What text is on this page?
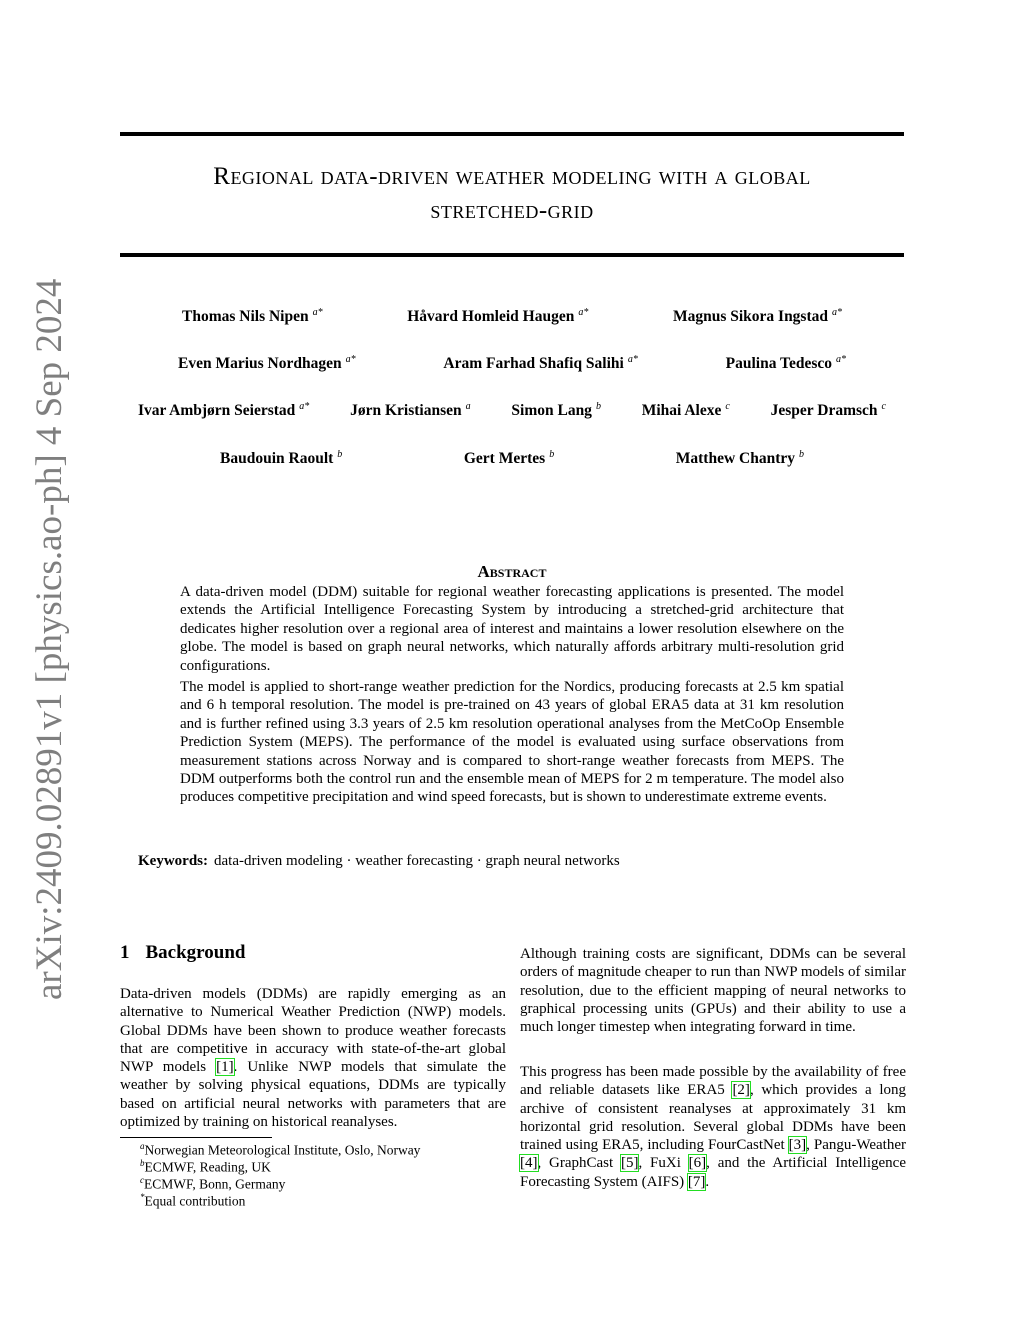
arXiv:2409.02891v1 [physics.ao-ph] 4 Sep 2024
Regional data-driven weather modeling with a global
stretched-grid
Thomas Nils Nipen $^{a*}$	Håvard Homleid Haugen $^{a*}$	Magnus Sikora Ingstad $^{a*}$
Even Marius Nordhagen $^{a*}$	Aram Farhad Shafiq Salihi $^{a*}$	Paulina Tedesco $^{a*}$
Ivar Ambjørn Seierstad $^{a*}$	Jørn Kristiansen $^a$	Simon Lang $^b$	Mihai Alexe $^c$	Jesper Dramsch $^c$
Baudouin Raoult $^b$	Gert Mertes $^b$	Matthew Chantry $^b$
Abstract
A data-driven model (DDM) suitable for regional weather forecasting applications is presented. The model extends the Artificial Intelligence Forecasting System by introducing a stretched-grid architecture that dedicates higher resolution over a regional area of interest and maintains a lower resolution elsewhere on the globe. The model is based on graph neural networks, which naturally affords arbitrary multi-resolution grid configurations.
The model is applied to short-range weather prediction for the Nordics, producing forecasts at 2.5 km spatial and 6 h temporal resolution. The model is pre-trained on 43 years of global ERA5 data at 31 km resolution and is further refined using 3.3 years of 2.5 km resolution operational analyses from the MetCoOp Ensemble Prediction System (MEPS). The performance of the model is evaluated using surface observations from measurement stations across Norway and is compared to short-range weather forecasts from MEPS. The DDM outperforms both the control run and the ensemble mean of MEPS for 2 m temperature. The model also produces competitive precipitation and wind speed forecasts, but is shown to underestimate extreme events.
Keywords: data-driven modeling · weather forecasting · graph neural networks
1 Background
Data-driven models (DDMs) are rapidly emerging as an alternative to Numerical Weather Prediction (NWP) models. Global DDMs have been shown to produce weather forecasts that are competitive in accuracy with state-of-the-art global NWP models [1]. Unlike NWP models that simulate the weather by solving physical equations, DDMs are typically based on artificial neural networks with parameters that are optimized by training on historical reanalyses.
Although training costs are significant, DDMs can be several orders of magnitude cheaper to run than NWP models of similar resolution, due to the efficient mapping of neural networks to graphical processing units (GPUs) and their ability to use a much longer timestep when integrating forward in time.
This progress has been made possible by the availability of free and reliable datasets like ERA5 [2], which provides a long archive of consistent reanalyses at approximately 31 km horizontal grid resolution. Several global DDMs have been trained using ERA5, including FourCastNet [3], Pangu-Weather [4], GraphCast [5], FuXi [6], and the Artificial Intelligence Forecasting System (AIFS) [7].
$^a$Norwegian Meteorological Institute, Oslo, Norway
$^b$ECMWF, Reading, UK
$^c$ECMWF, Bonn, Germany
*Equal contribution
